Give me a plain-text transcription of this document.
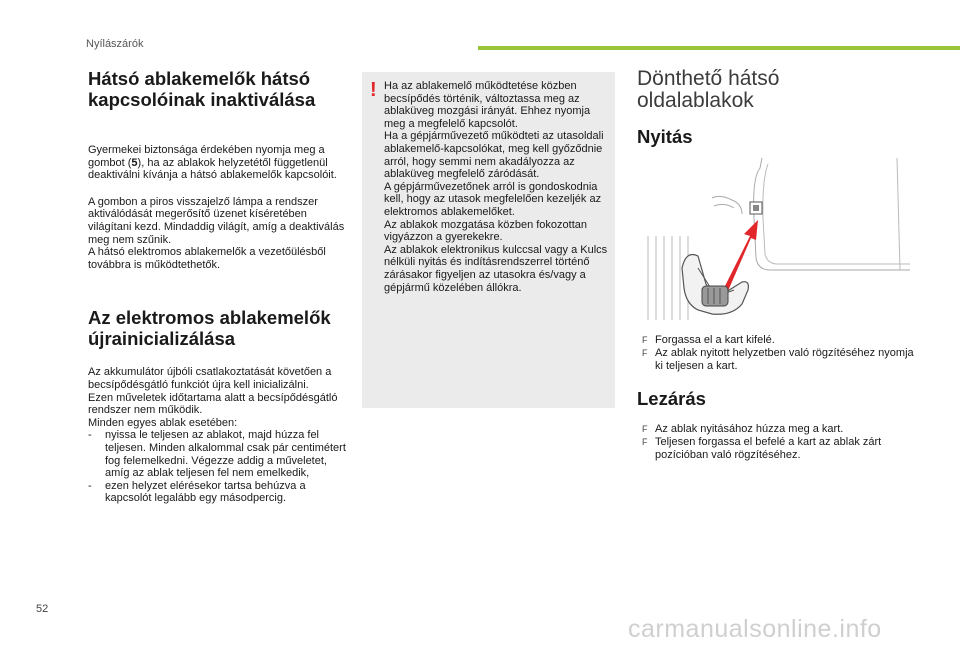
Nyílászárók
Hátsó ablakemelők hátsó kapcsolóinak inaktiválása

Gyermekei biztonsága érdekében nyomja meg a gombot (5), ha az ablakok helyzetétől függetlenül deaktiválni kívánja a hátsó ablakemelők kapcsolóit.

A gombon a piros visszajelző lámpa a rendszer aktiválódását megerősítő üzenet kíséretében világítani kezd. Mindaddig világít, amíg a deaktiválás meg nem szűnik.

A hátsó elektromos ablakemelők a vezetőülésből továbbra is működtethetők.

Az elektromos ablakemelők újrainicializálása

Az akkumulátor újbóli csatlakoztatását követően a becsípődésgátló funkciót újra kell inicializálni.

Ezen műveletek időtartama alatt a becsípődésgátló rendszer nem működik.

Minden egyes ablak esetében:

- nyissa le teljesen az ablakot, majd húzza fel teljesen. Minden alkalommal csak pár centimétert fog felemelkedni. Végezze addig a műveletet, amíg az ablak teljesen fel nem emelkedik,

- ezen helyzet elérésekor tartsa behúzva a kapcsolót legalább egy másodpercig.

! Ha az ablakemelő működtetése közben becsípődés történik, változtassa meg az ablaküveg mozgási irányát. Ehhez nyomja meg a megfelelő kapcsolót.

Ha a gépjárművezető működteti az utasoldali ablakemelő-kapcsolókat, meg kell győződnie arról, hogy semmi nem akadályozza az ablaküveg megfelelő záródását.

A gépjárművezetőnek arról is gondoskodnia kell, hogy az utasok megfelelően kezeljék az elektromos ablakemelőket.

Az ablakok mozgatása közben fokozottan vigyázzon a gyerekekre.

Az ablakok elektronikus kulccsal vagy a Kulcs nélküli nyitás és indításrendszerrel történő zárásakor figyeljen az utasokra és/vagy a gépjármű közelében állókra.

Dönthető hátsó oldalablakok
Nyitás
F Forgassa el a kart kifelé.
F Az ablak nyitott helyzetben való rögzítéséhez nyomja ki teljesen a kart.
Lezárás
F Az ablak nyitásához húzza meg a kart.
F Teljesen forgassa el befelé a kart az ablak zárt pozícióban való rögzítéséhez.
52
carmanualsonline.info
